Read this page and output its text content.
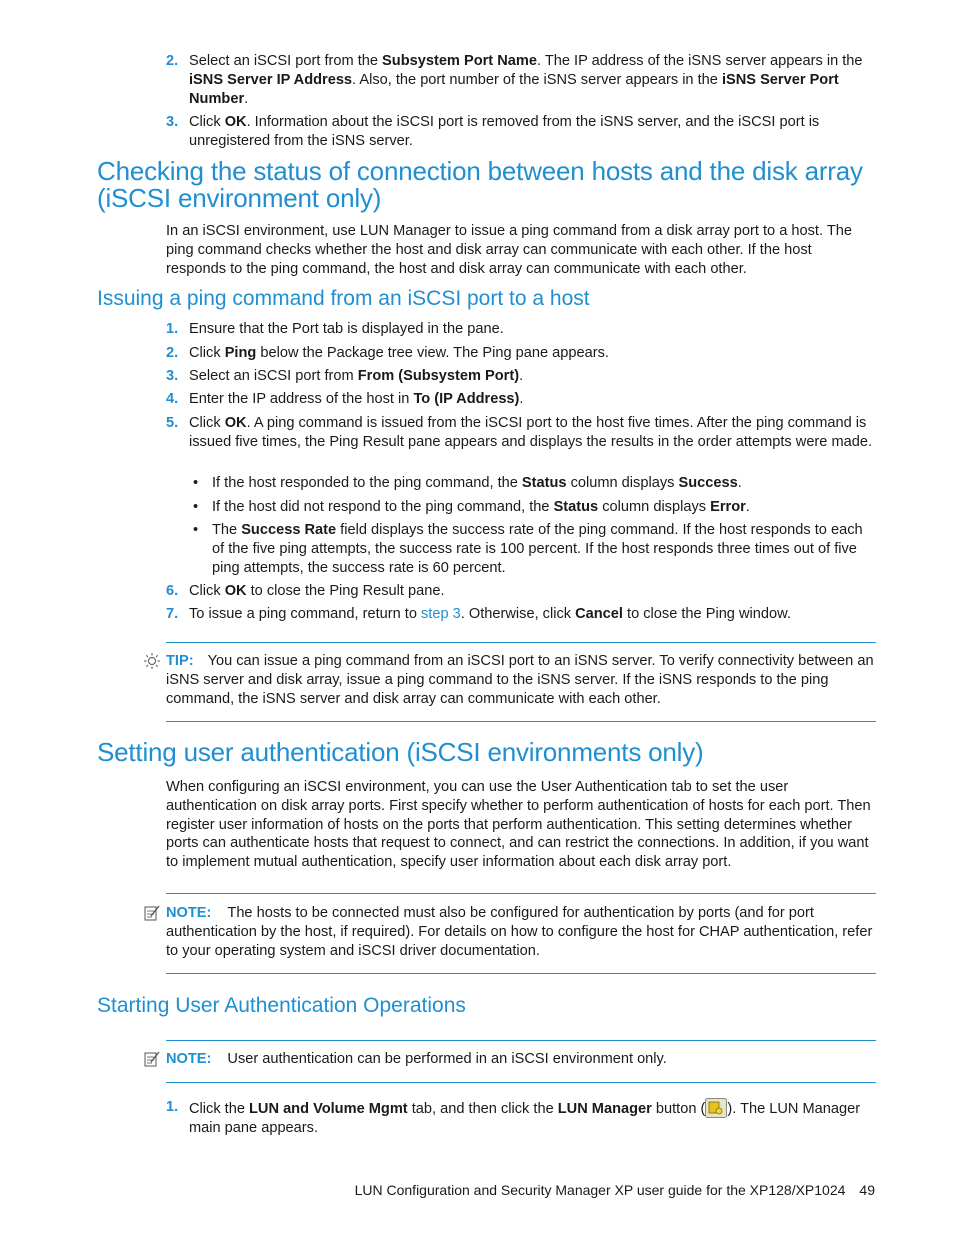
2. Select an iSCSI port from the Subsystem Port Name. The IP address of the iSNS server appears in the iSNS Server IP Address. Also, the port number of the iSNS server appears in the iSNS Server Port Number.
3. Click OK. Information about the iSCSI port is removed from the iSNS server, and the iSCSI port is unregistered from the iSNS server.
Checking the status of connection between hosts and the disk array (iSCSI environment only)
In an iSCSI environment, use LUN Manager to issue a ping command from a disk array port to a host. The ping command checks whether the host and disk array can communicate with each other. If the host responds to the ping command, the host and disk array can communicate with each other.
Issuing a ping command from an iSCSI port to a host
1. Ensure that the Port tab is displayed in the pane.
2. Click Ping below the Package tree view. The Ping pane appears.
3. Select an iSCSI port from From (Subsystem Port).
4. Enter the IP address of the host in To (IP Address).
5. Click OK. A ping command is issued from the iSCSI port to the host five times. After the ping command is issued five times, the Ping Result pane appears and displays the results in the order attempts were made.
• If the host responded to the ping command, the Status column displays Success.
• If the host did not respond to the ping command, the Status column displays Error.
• The Success Rate field displays the success rate of the ping command. If the host responds to each of the five ping attempts, the success rate is 100 percent. If the host responds three times out of five ping attempts, the success rate is 60 percent.
6. Click OK to close the Ping Result pane.
7. To issue a ping command, return to step 3. Otherwise, click Cancel to close the Ping window.
TIP: You can issue a ping command from an iSCSI port to an iSNS server. To verify connectivity between an iSNS server and disk array, issue a ping command to the iSNS server. If the iSNS responds to the ping command, the iSNS server and disk array can communicate with each other.
Setting user authentication (iSCSI environments only)
When configuring an iSCSI environment, you can use the User Authentication tab to set the user authentication on disk array ports. First specify whether to perform authentication of hosts for each port. Then register user information of hosts on the ports that perform authentication. This setting determines whether ports can authenticate hosts that request to connect, and can restrict the connections. In addition, if you want to implement mutual authentication, specify user information about each disk array port.
NOTE: The hosts to be connected must also be configured for authentication by ports (and for port authentication by the host, if required). For details on how to configure the host for CHAP authentication, refer to your operating system and iSCSI driver documentation.
Starting User Authentication Operations
NOTE: User authentication can be performed in an iSCSI environment only.
1. Click the LUN and Volume Mgmt tab, and then click the LUN Manager button ( ). The LUN Manager main pane appears.
LUN Configuration and Security Manager XP user guide for the XP128/XP1024 49
